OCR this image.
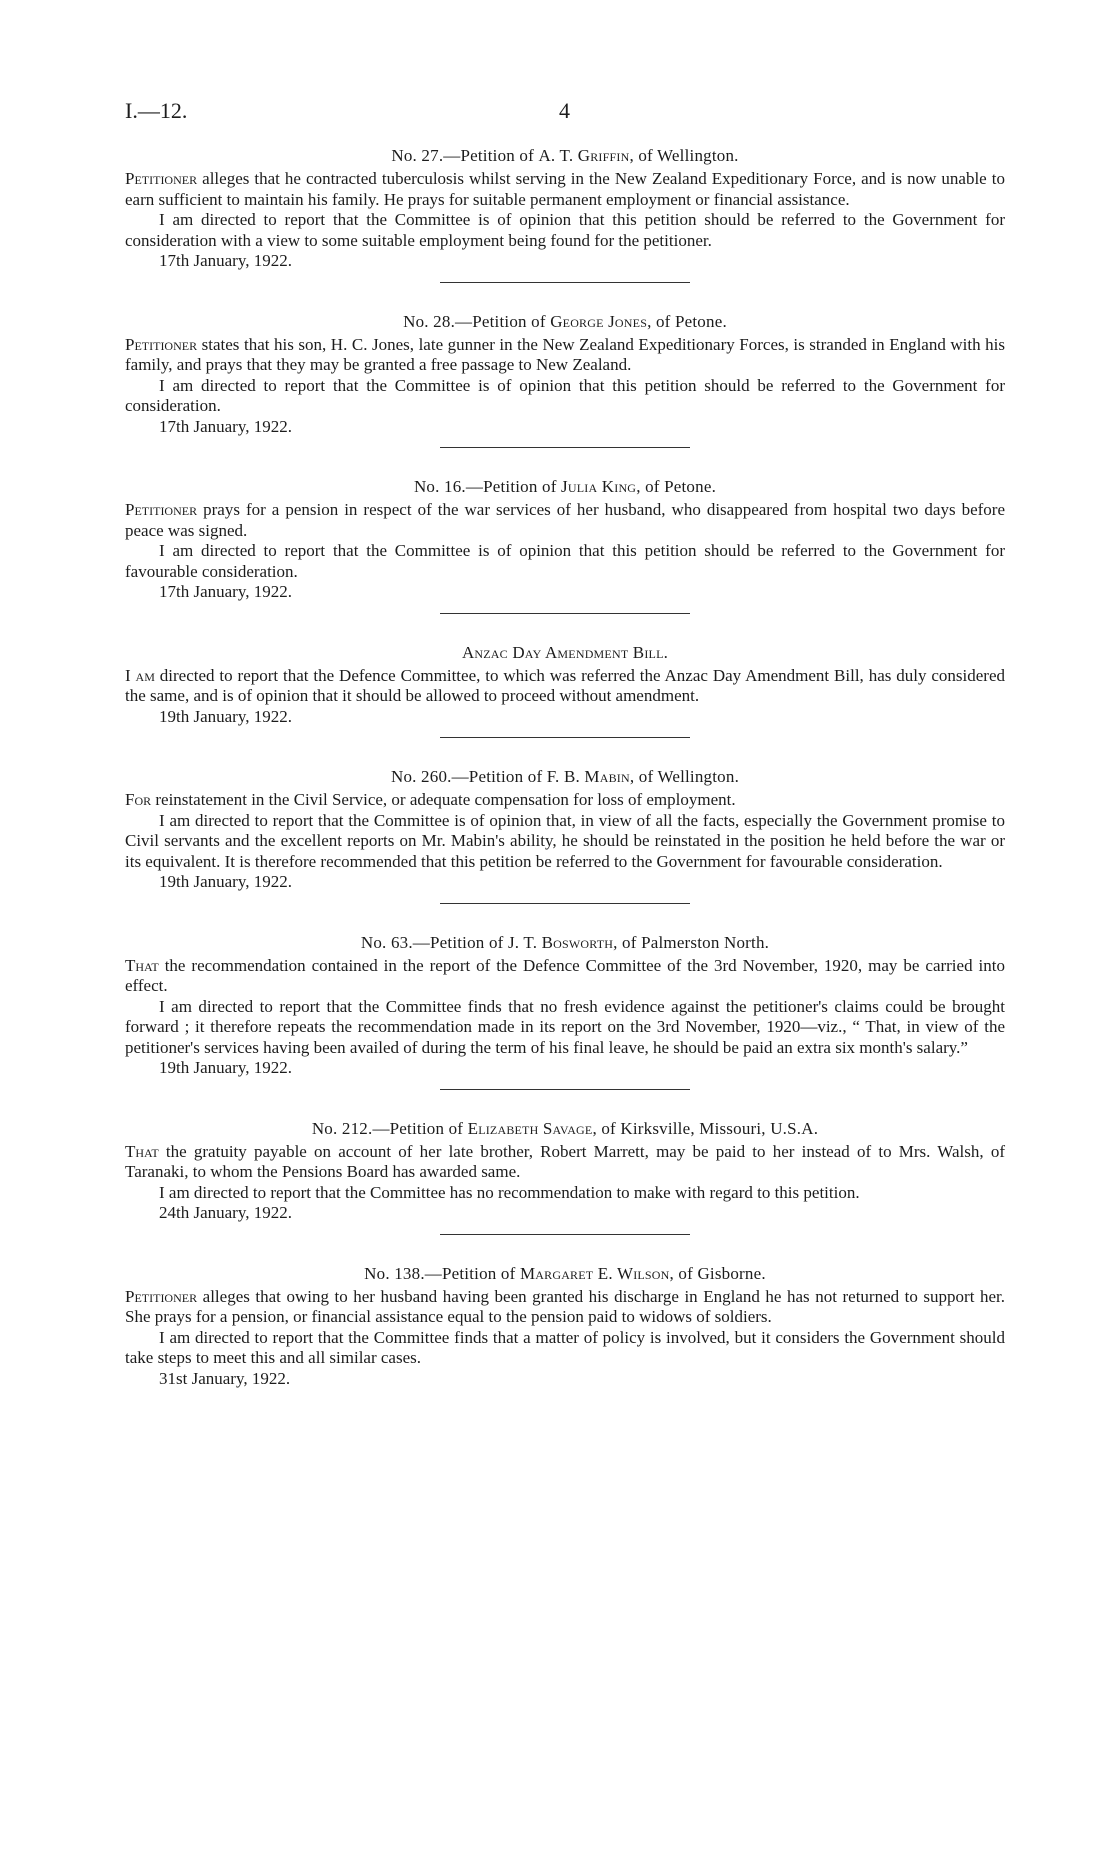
I.—12.	4
No. 27.—Petition of A. T. Griffin, of Wellington.

Petitioner alleges that he contracted tuberculosis whilst serving in the New Zealand Expeditionary Force, and is now unable to earn sufficient to maintain his family. He prays for suitable permanent employment or financial assistance.

I am directed to report that the Committee is of opinion that this petition should be referred to the Government for consideration with a view to some suitable employment being found for the petitioner.

17th January, 1922.

No. 28.—Petition of George Jones, of Petone.

Petitioner states that his son, H. C. Jones, late gunner in the New Zealand Expeditionary Forces, is stranded in England with his family, and prays that they may be granted a free passage to New Zealand.

I am directed to report that the Committee is of opinion that this petition should be referred to the Government for consideration.

17th January, 1922.

No. 16.—Petition of Julia King, of Petone.

Petitioner prays for a pension in respect of the war services of her husband, who disappeared from hospital two days before peace was signed.

I am directed to report that the Committee is of opinion that this petition should be referred to the Government for favourable consideration.

17th January, 1922.

Anzac Day Amendment Bill.

I am directed to report that the Defence Committee, to which was referred the Anzac Day Amendment Bill, has duly considered the same, and is of opinion that it should be allowed to proceed without amendment.

19th January, 1922.

No. 260.—Petition of F. B. Mabin, of Wellington.

For reinstatement in the Civil Service, or adequate compensation for loss of employment.

I am directed to report that the Committee is of opinion that, in view of all the facts, especially the Government promise to Civil servants and the excellent reports on Mr. Mabin's ability, he should be reinstated in the position he held before the war or its equivalent. It is therefore recommended that this petition be referred to the Government for favourable consideration.

19th January, 1922.

No. 63.—Petition of J. T. Bosworth, of Palmerston North.

That the recommendation contained in the report of the Defence Committee of the 3rd November, 1920, may be carried into effect.

I am directed to report that the Committee finds that no fresh evidence against the petitioner's claims could be brought forward ; it therefore repeats the recommendation made in its report on the 3rd November, 1920—viz., “ That, in view of the petitioner's services having been availed of during the term of his final leave, he should be paid an extra six month's salary.”

19th January, 1922.

No. 212.—Petition of Elizabeth Savage, of Kirksville, Missouri, U.S.A.

That the gratuity payable on account of her late brother, Robert Marrett, may be paid to her instead of to Mrs. Walsh, of Taranaki, to whom the Pensions Board has awarded same.

I am directed to report that the Committee has no recommendation to make with regard to this petition.

24th January, 1922.

No. 138.—Petition of Margaret E. Wilson, of Gisborne.

Petitioner alleges that owing to her husband having been granted his discharge in England he has not returned to support her. She prays for a pension, or financial assistance equal to the pension paid to widows of soldiers.

I am directed to report that the Committee finds that a matter of policy is involved, but it considers the Government should take steps to meet this and all similar cases.

31st January, 1922.
